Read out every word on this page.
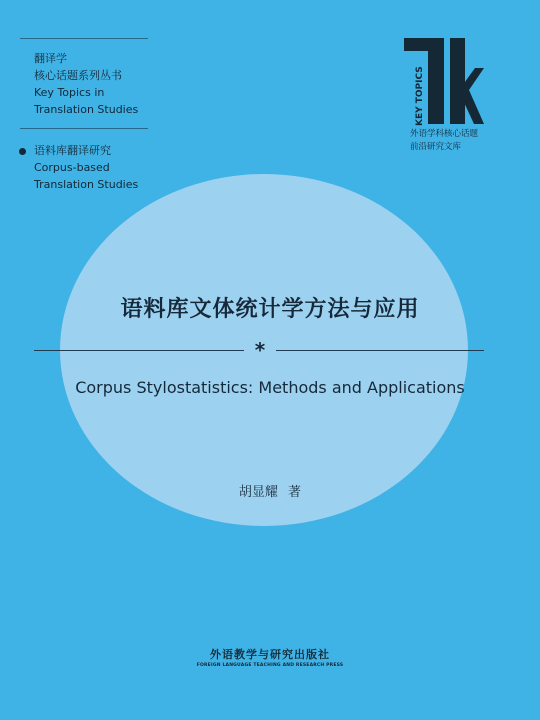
翻译学
核心话题系列丛书
Key Topics in
Translation Studies
语料库翻译研究
Corpus-based
Translation Studies
KEY TOPICS
外语学科核心话题
前沿研究文库
语料库文体统计学方法与应用
*
Corpus Stylostatistics: Methods and Applications
胡显耀 著
外语教学与研究出版社
FOREIGN LANGUAGE TEACHING AND RESEARCH PRESS
